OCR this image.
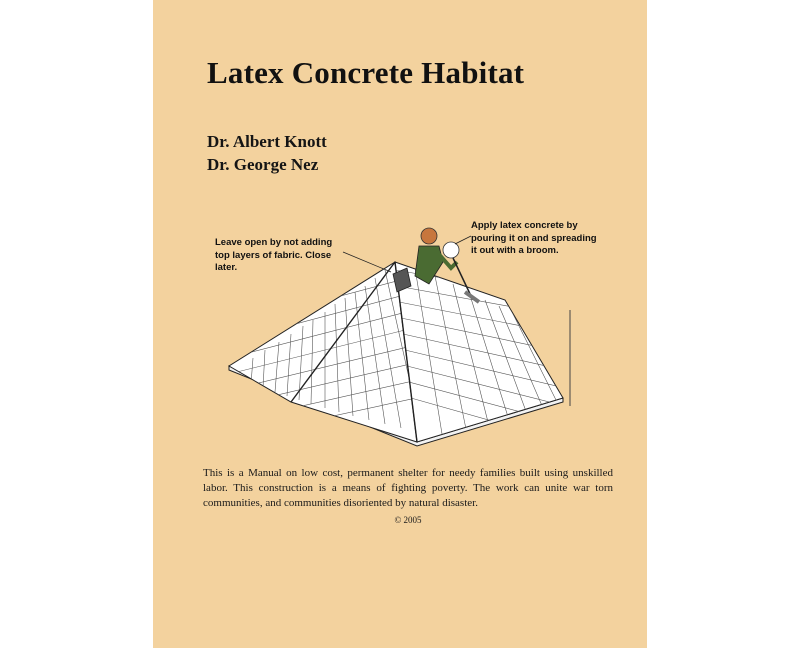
Latex Concrete Habitat
Dr. Albert Knott
Dr. George Nez
Leave open by not adding top layers of fabric. Close later.
Apply latex concrete by pouring it on and spreading it out with a broom.
This is a Manual on low cost, permanent shelter for needy families built using unskilled labor. This construction is a means of fighting poverty. The work can unite war torn communities, and communities disoriented by natural disaster.
© 2005
